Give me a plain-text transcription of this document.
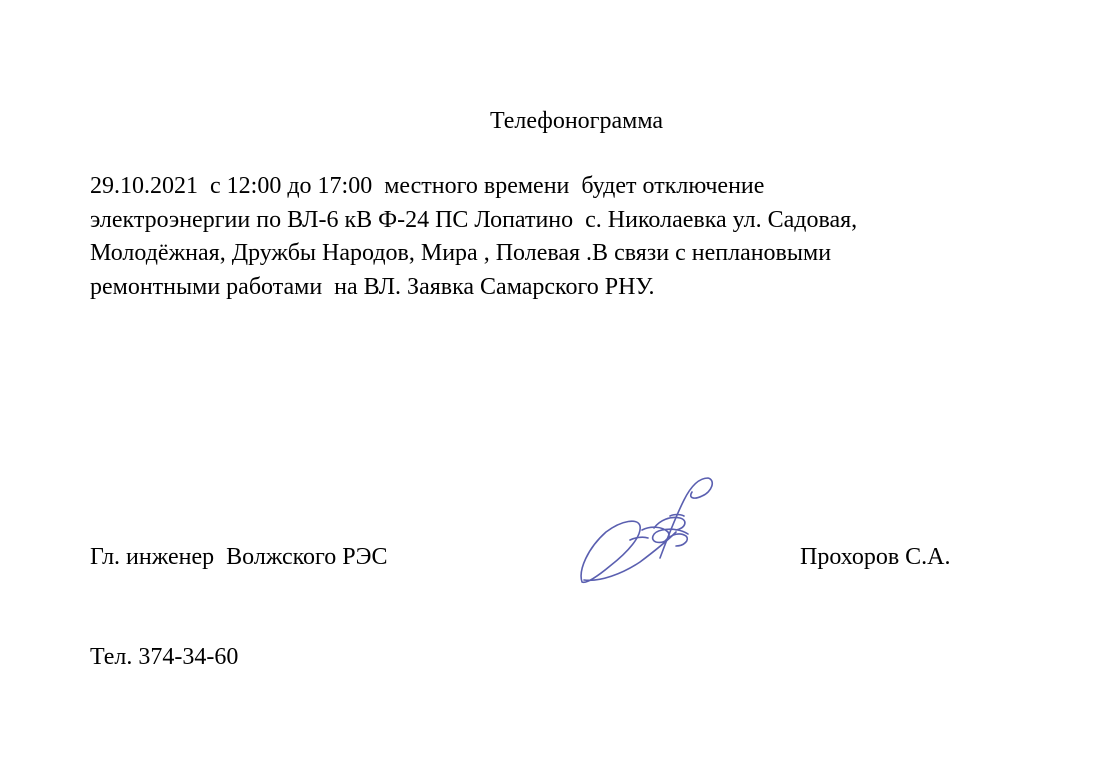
Телефонограмма
29.10.2021  с 12:00 до 17:00  местного времени  будет отключение
электроэнергии по ВЛ-6 кВ Ф-24 ПС Лопатино  с. Николаевка ул. Садовая,
Молодёжная, Дружбы Народов, Мира , Полевая .В связи с неплановыми
ремонтными работами  на ВЛ. Заявка Самарского РНУ.
Гл. инженер  Волжского РЭС	Прохоров С.А.
Тел. 374-34-60
